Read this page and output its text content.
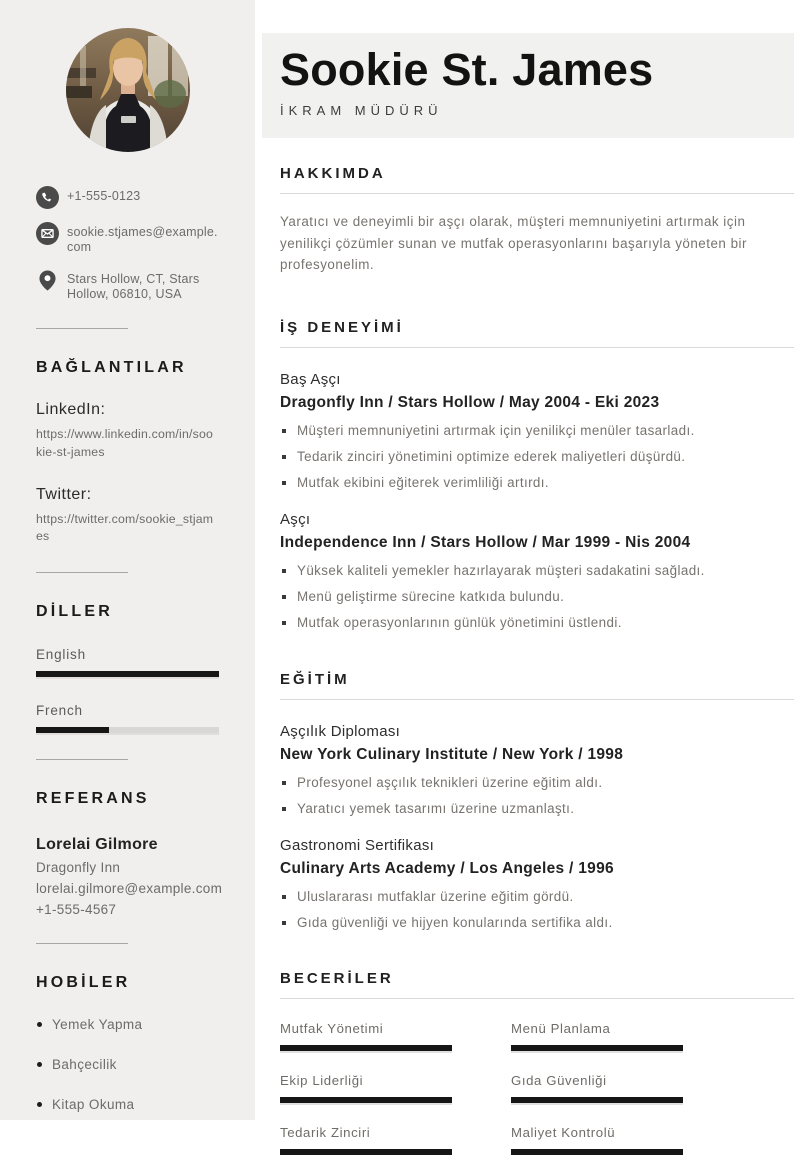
+1-555-0123
sookie.stjames@example.com
Stars Hollow, CT, Stars Hollow, 06810, USA
BAĞLANTILAR
LinkedIn:
https://www.linkedin.com/in/sookie-st-james
Twitter:
https://twitter.com/sookie_stjames
DİLLER
English
French
REFERANS
Lorelai Gilmore
Dragonfly Inn
lorelai.gilmore@example.com
+1-555-4567
HOBİLER
Yemek Yapma
Bahçecilik
Kitap Okuma
Sookie St. James

İKRAM MÜDÜRÜ

HAKKIMDA

Yaratıcı ve deneyimli bir aşçı olarak, müşteri memnuniyetini artırmak için yenilikçi çözümler sunan ve mutfak operasyonlarını başarıyla yöneten bir profesyonelim.

İŞ DENEYİMİ
Baş Aşçı
Dragonfly Inn / Stars Hollow / May 2004 - Eki 2023
Müşteri memnuniyetini artırmak için yenilikçi menüler tasarladı.
Tedarik zinciri yönetimini optimize ederek maliyetleri düşürdü.
Mutfak ekibini eğiterek verimliliği artırdı.
Aşçı
Independence Inn / Stars Hollow / Mar 1999 - Nis 2004
Yüksek kaliteli yemekler hazırlayarak müşteri sadakatini sağladı.
Menü geliştirme sürecine katkıda bulundu.
Mutfak operasyonlarının günlük yönetimini üstlendi.
EĞİTİM
Aşçılık Diploması
New York Culinary Institute / New York / 1998
Profesyonel aşçılık teknikleri üzerine eğitim aldı.
Yaratıcı yemek tasarımı üzerine uzmanlaştı.
Gastronomi Sertifikası
Culinary Arts Academy / Los Angeles / 1996
Uluslararası mutfaklar üzerine eğitim gördü.
Gıda güvenliği ve hijyen konularında sertifika aldı.
BECERİLER
Mutfak Yönetimi	Menü Planlama
Ekip Liderliği	Gıda Güvenliği
Tedarik Zinciri	Maliyet Kontrolü
